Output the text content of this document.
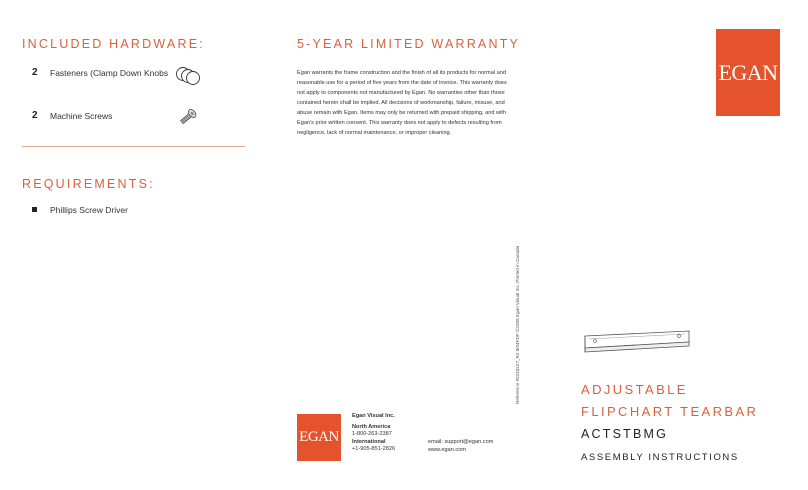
INCLUDED HARDWARE:
2 Fasteners (Clamp Down Knobs
2 Machine Screws
REQUIREMENTS:
Phillips Screw Driver
5-YEAR LIMITED WARRANTY
Egan warrants the frame construction and the finish of all its products for normal and reasonable use for a period of five years from the date of invoice. This warranty does not apply to components not manufactured by Egan. No warranties other than those contained herein shall be implied. All decisions of workmanship, failure, misuse, and abuse remain with Egan. Items may only be returned with prepaid shipping, and with Egan's prior written consent. This warranty does not apply to defects resulting from negligence, lack of normal maintenance, or improper cleaning.
Reference #0240227_R2 8/04PDF ©2008 Egan Visual Inc. Printed in Canada
EGAN
Egan Visual Inc.
North America
1-800-263-2387
International
+1-905-851-2826
email: support@egan.com
www.egan.com
EGAN
ADJUSTABLE
FLIPCHART TEARBAR
ACTSTBMG
ASSEMBLY INSTRUCTIONS
